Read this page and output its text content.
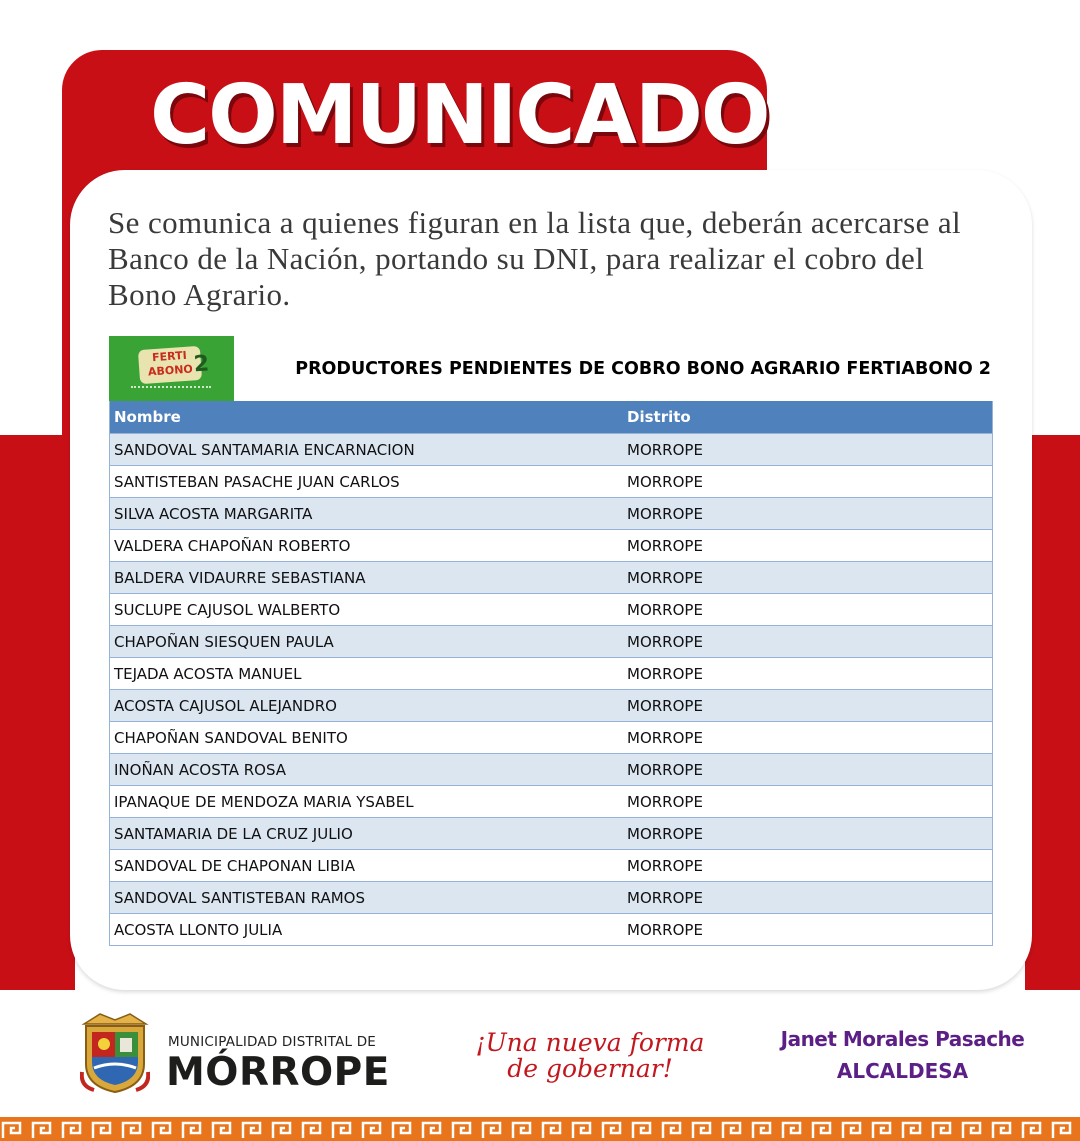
COMUNICADO

Se comunica a quienes figuran en la lista que, deberán acercarse al Banco de la Nación, portando su DNI, para realizar el cobro del Bono Agrario.

FERTI
ABONO 2	PRODUCTORES PENDIENTES DE COBRO BONO AGRARIO FERTIABONO 2
Nombre	Distrito
SANDOVAL SANTAMARIA ENCARNACION	MORROPE
SANTISTEBAN PASACHE JUAN CARLOS	MORROPE
SILVA ACOSTA MARGARITA	MORROPE
VALDERA CHAPOÑAN ROBERTO	MORROPE
BALDERA VIDAURRE SEBASTIANA	MORROPE
SUCLUPE CAJUSOL WALBERTO	MORROPE
CHAPOÑAN SIESQUEN PAULA	MORROPE
TEJADA ACOSTA MANUEL	MORROPE
ACOSTA CAJUSOL ALEJANDRO	MORROPE
CHAPOÑAN SANDOVAL BENITO	MORROPE
INOÑAN ACOSTA ROSA	MORROPE
IPANAQUE DE MENDOZA MARIA YSABEL	MORROPE
SANTAMARIA DE LA CRUZ JULIO	MORROPE
SANDOVAL DE CHAPONAN LIBIA	MORROPE
SANDOVAL SANTISTEBAN RAMOS	MORROPE
ACOSTA LLONTO JULIA	MORROPE
MUNICIPALIDAD DISTRITAL DE
MÓRROPE
¡Una nueva forma
de gobernar!
Janet Morales Pasache
ALCALDESA
